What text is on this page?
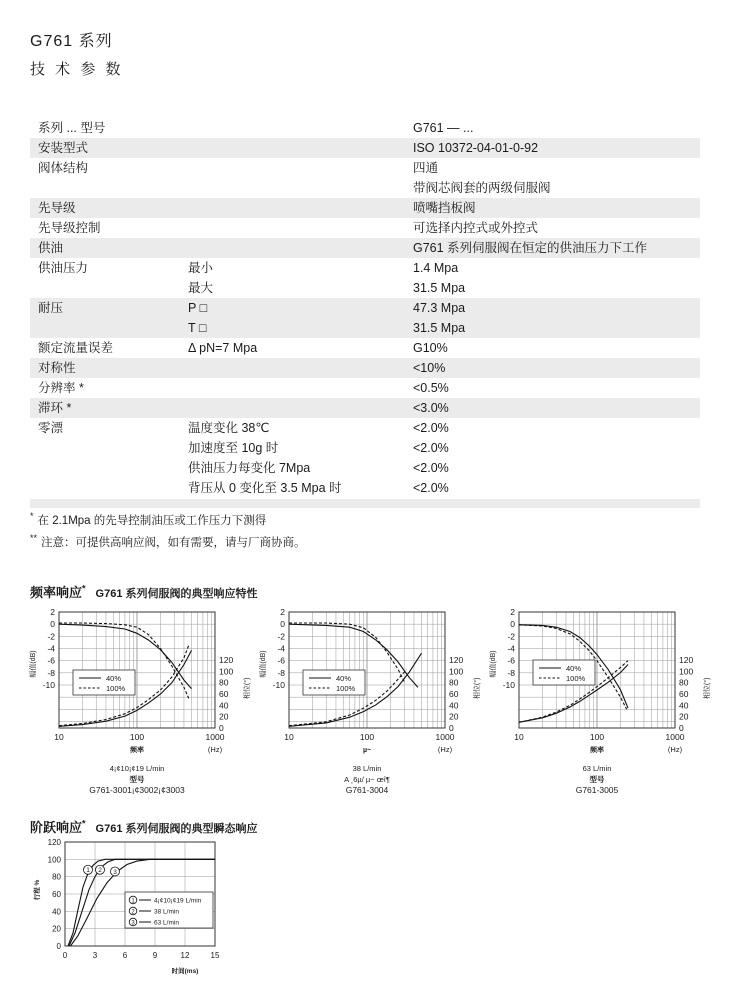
G761 系列
技 术 参 数
系列 ... 型号	G761 — ...
安装型式	ISO 10372-04-01-0-92
阀体结构	四通
带阀芯阀套的两级伺服阀
先导级	喷嘴挡板阀
先导级控制	可选择内控式或外控式
供油	G761 系列伺服阀在恒定的供油压力下工作
供油压力	最小	1.4 Mpa
最大	31.5 Mpa
耐压	P □	47.3 Mpa
T □	31.5 Mpa
额定流量误差	Δ pN=7 Mpa	G10%
对称性	<10%
分辨率 *	<0.5%
滞环 *	<3.0%
零漂	温度变化 38℃	<2.0%
加速度至 10g 时	<2.0%
供油压力每变化 7Mpa	<2.0%
背压从 0 变化至 3.5 Mpa 时	<2.0%
* 在 2.1Mpa 的先导控制油压或工作压力下测得
** 注意：可提供高响应阀，如有需要，请与厂商协商。
频率响应* G761 系列伺服阀的典型响应特性
2
0
-2
-4
-6
-8
-10
120
100
80
60
40
20
0
10	100	1000
频率	(Hz)
幅值(dB)
相位(°)
40%
100%
4¡¢10¡¢19 L/min
型号
G761-3001¡¢3002¡¢3003
2
0
-2
-4
-6
-8
-10
120
100
80
60
40
20
0
10	100	1000
µ~	(Hz)
幅值(dB)
相位(°)
40%
100%
38 L/min
A ¸6µ/ µ~ œî¶
G761-3004
2
0
-2
-4
-6
-8
-10
120
100
80
60
40
20
0
10	100	1000
频率	(Hz)
幅值(dB)
相位(°)
40%
100%
63 L/min
型号
G761-3005
阶跃响应* G761 系列伺服阀的典型瞬态响应
120
100
80
60
40
20
0
0	3	6	9	12	15
行程 %
时间(ms)
1 2 3
1	4¡¢10¡¢19 L/min
2	38 L/min
3	63 L/min
